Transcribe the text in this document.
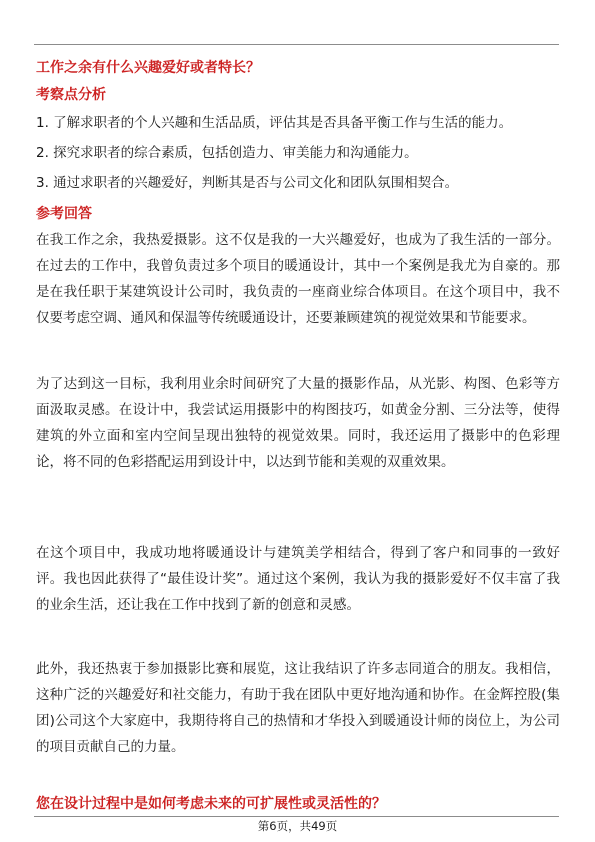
工作之余有什么兴趣爱好或者特长？
考察点分析
1. 了解求职者的个人兴趣和生活品质，评估其是否具备平衡工作与生活的能力。
2. 探究求职者的综合素质，包括创造力、审美能力和沟通能力。
3. 通过求职者的兴趣爱好，判断其是否与公司文化和团队氛围相契合。
参考回答

在我工作之余，我热爱摄影。这不仅是我的一大兴趣爱好，也成为了我生活的一部分。在过去的工作中，我曾负责过多个项目的暖通设计，其中一个案例是我尤为自豪的。那是在我任职于某建筑设计公司时，我负责的一座商业综合体项目。在这个项目中，我不仅要考虑空调、通风和保温等传统暖通设计，还要兼顾建筑的视觉效果和节能要求。

为了达到这一目标，我利用业余时间研究了大量的摄影作品，从光影、构图、色彩等方面汲取灵感。在设计中，我尝试运用摄影中的构图技巧，如黄金分割、三分法等，使得建筑的外立面和室内空间呈现出独特的视觉效果。同时，我还运用了摄影中的色彩理论，将不同的色彩搭配运用到设计中，以达到节能和美观的双重效果。

在这个项目中，我成功地将暖通设计与建筑美学相结合，得到了客户和同事的一致好评。我也因此获得了“最佳设计奖”。通过这个案例，我认为我的摄影爱好不仅丰富了我的业余生活，还让我在工作中找到了新的创意和灵感。

此外，我还热衷于参加摄影比赛和展览，这让我结识了许多志同道合的朋友。我相信，这种广泛的兴趣爱好和社交能力，有助于我在团队中更好地沟通和协作。在金辉控股(集团)公司这个大家庭中，我期待将自己的热情和才华投入到暖通设计师的岗位上，为公司的项目贡献自己的力量。

您在设计过程中是如何考虑未来的可扩展性或灵活性的？
第6页，共49页
